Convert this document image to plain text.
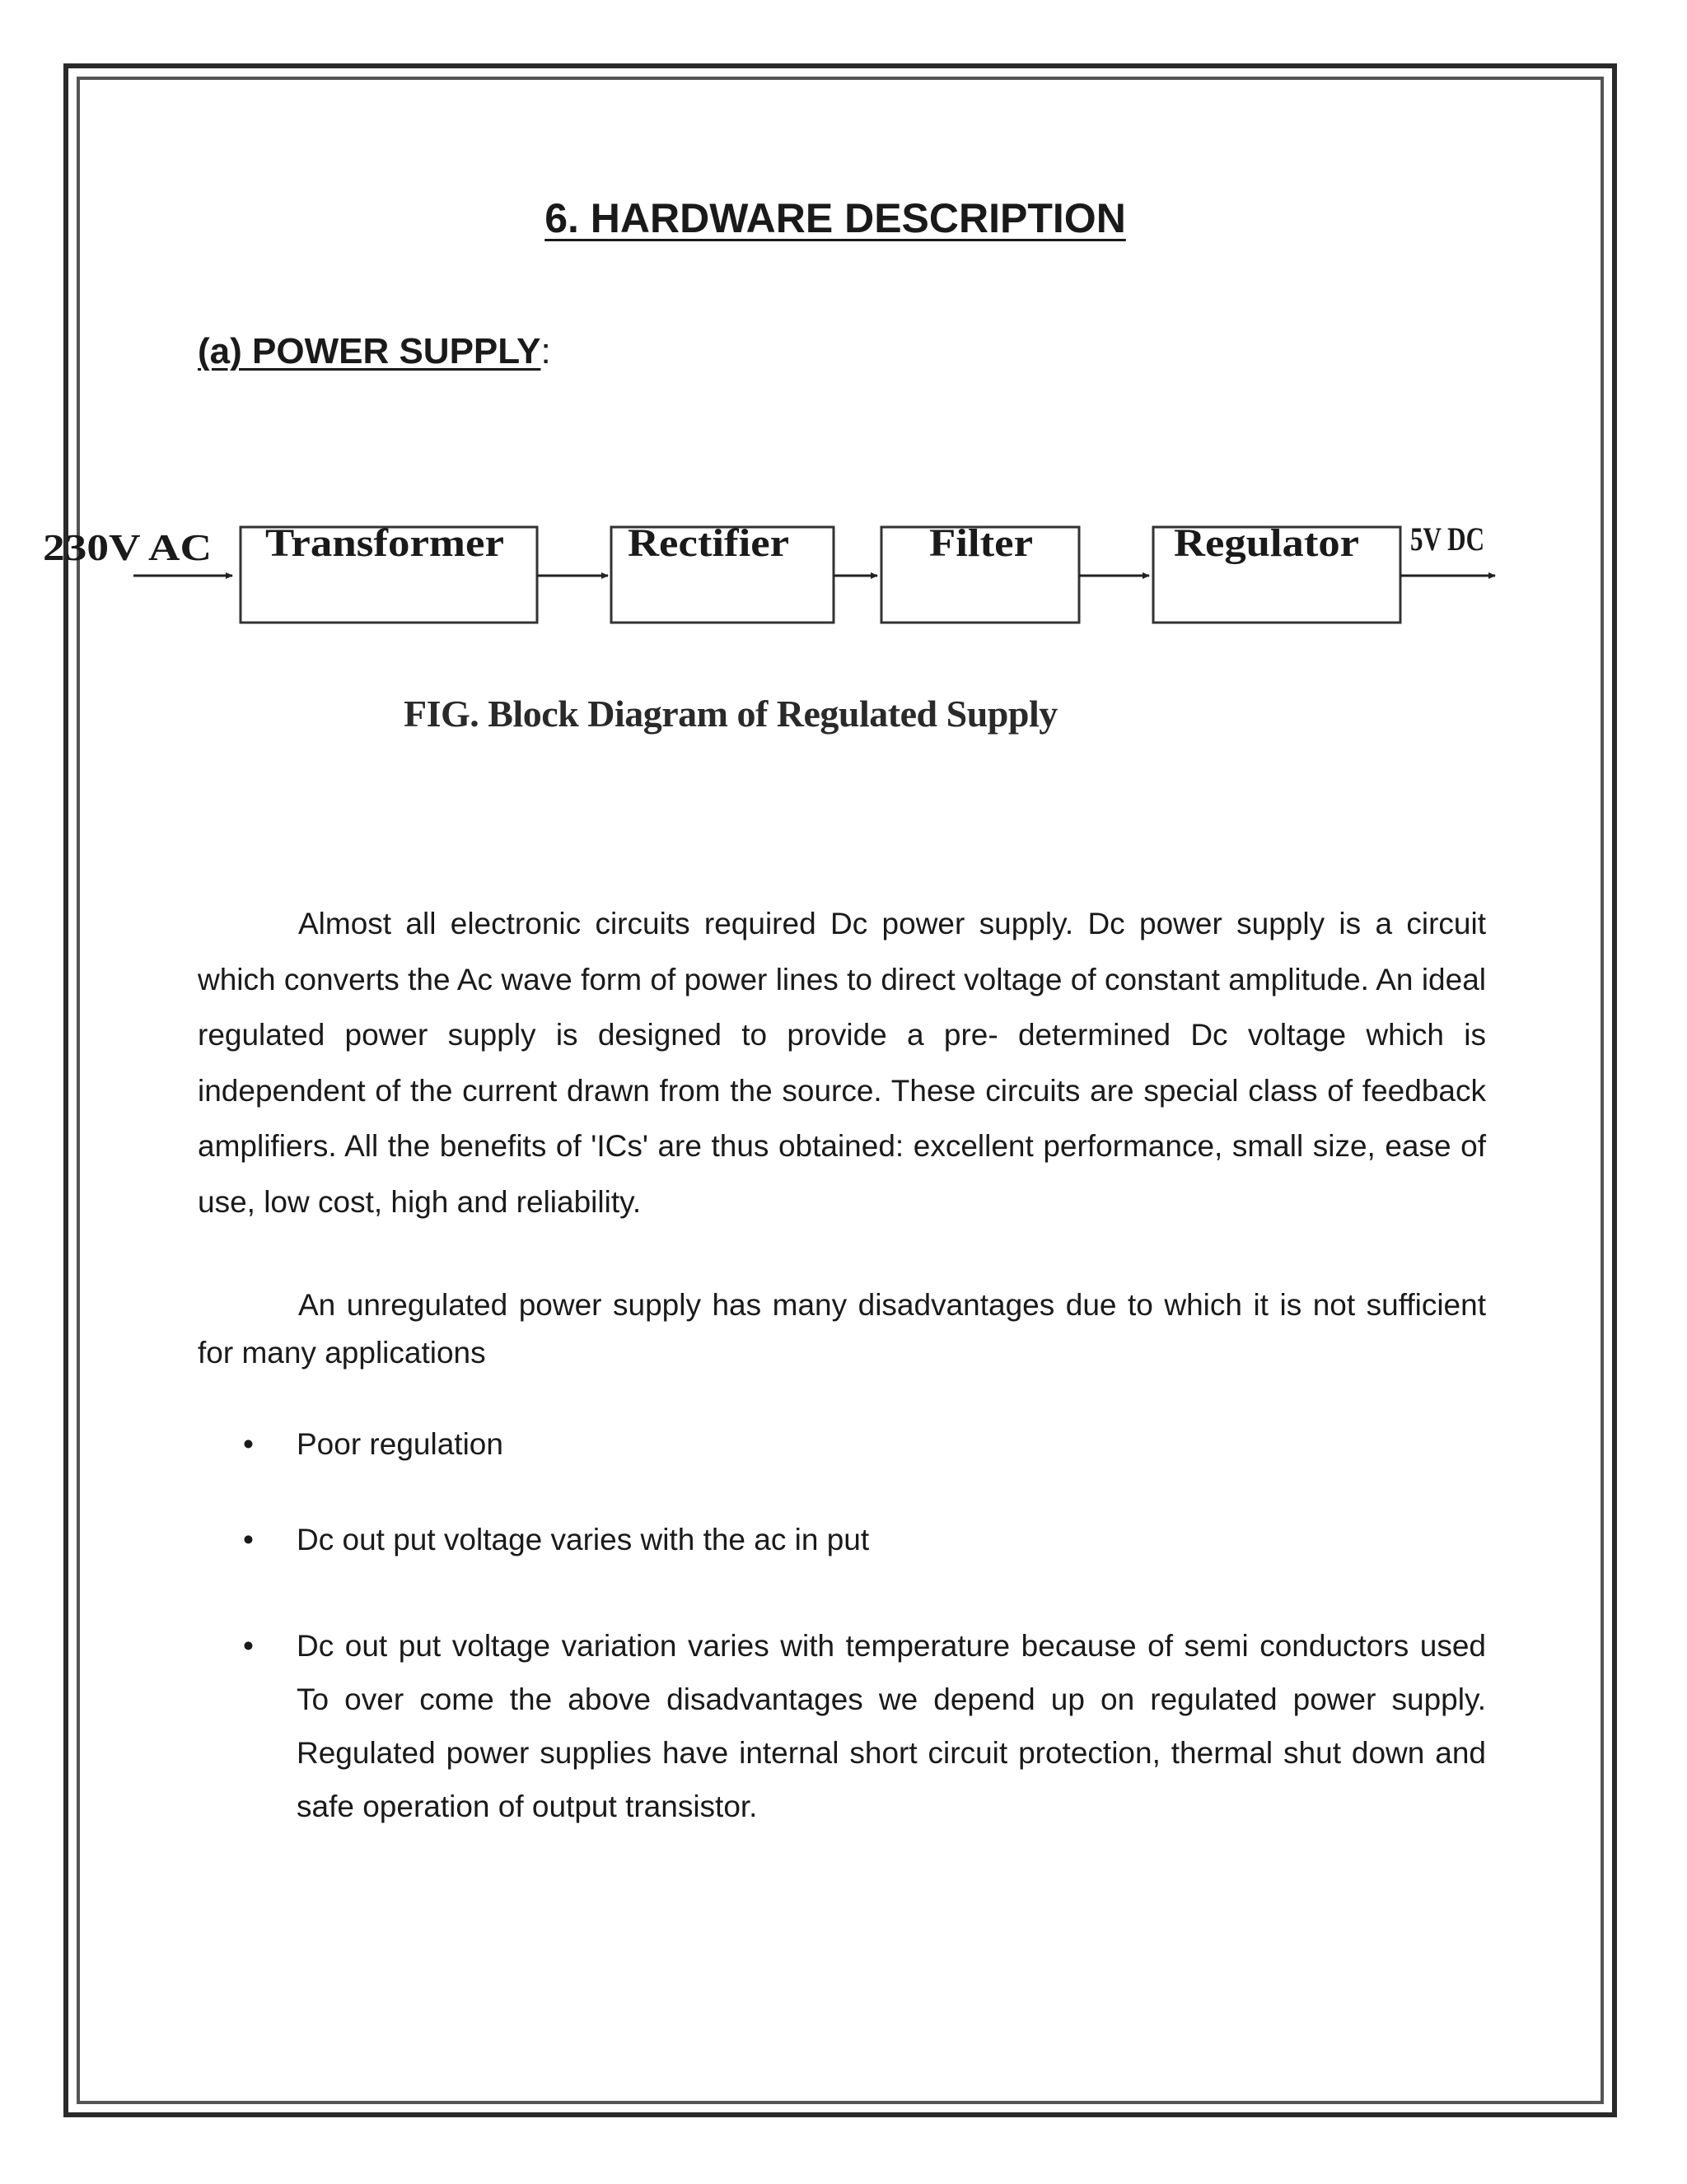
6. HARDWARE DESCRIPTION
(a) POWER SUPPLY:
230V AC	5V DC
Transformer	Rectifier	Filter	Regulator
FIG. Block Diagram of Regulated Supply

Almost all electronic circuits required Dc power supply. Dc power supply is a circuit which converts the Ac wave form of power lines to direct voltage of constant amplitude. An ideal regulated power supply is designed to provide a pre- determined Dc voltage which is independent of the current drawn from the source. These circuits are special class of feedback amplifiers. All the benefits of 'ICs' are thus obtained: excellent performance, small size, ease of use, low cost, high and reliability.

An unregulated power supply has many disadvantages due to which it is not sufficient for many applications

• Poor regulation
• Dc out put voltage varies with the ac in put
• Dc out put voltage variation varies with temperature because of semi conductors used To over come the above disadvantages we depend up on regulated power supply. Regulated power supplies have internal short circuit protection, thermal shut down and safe operation of output transistor.
